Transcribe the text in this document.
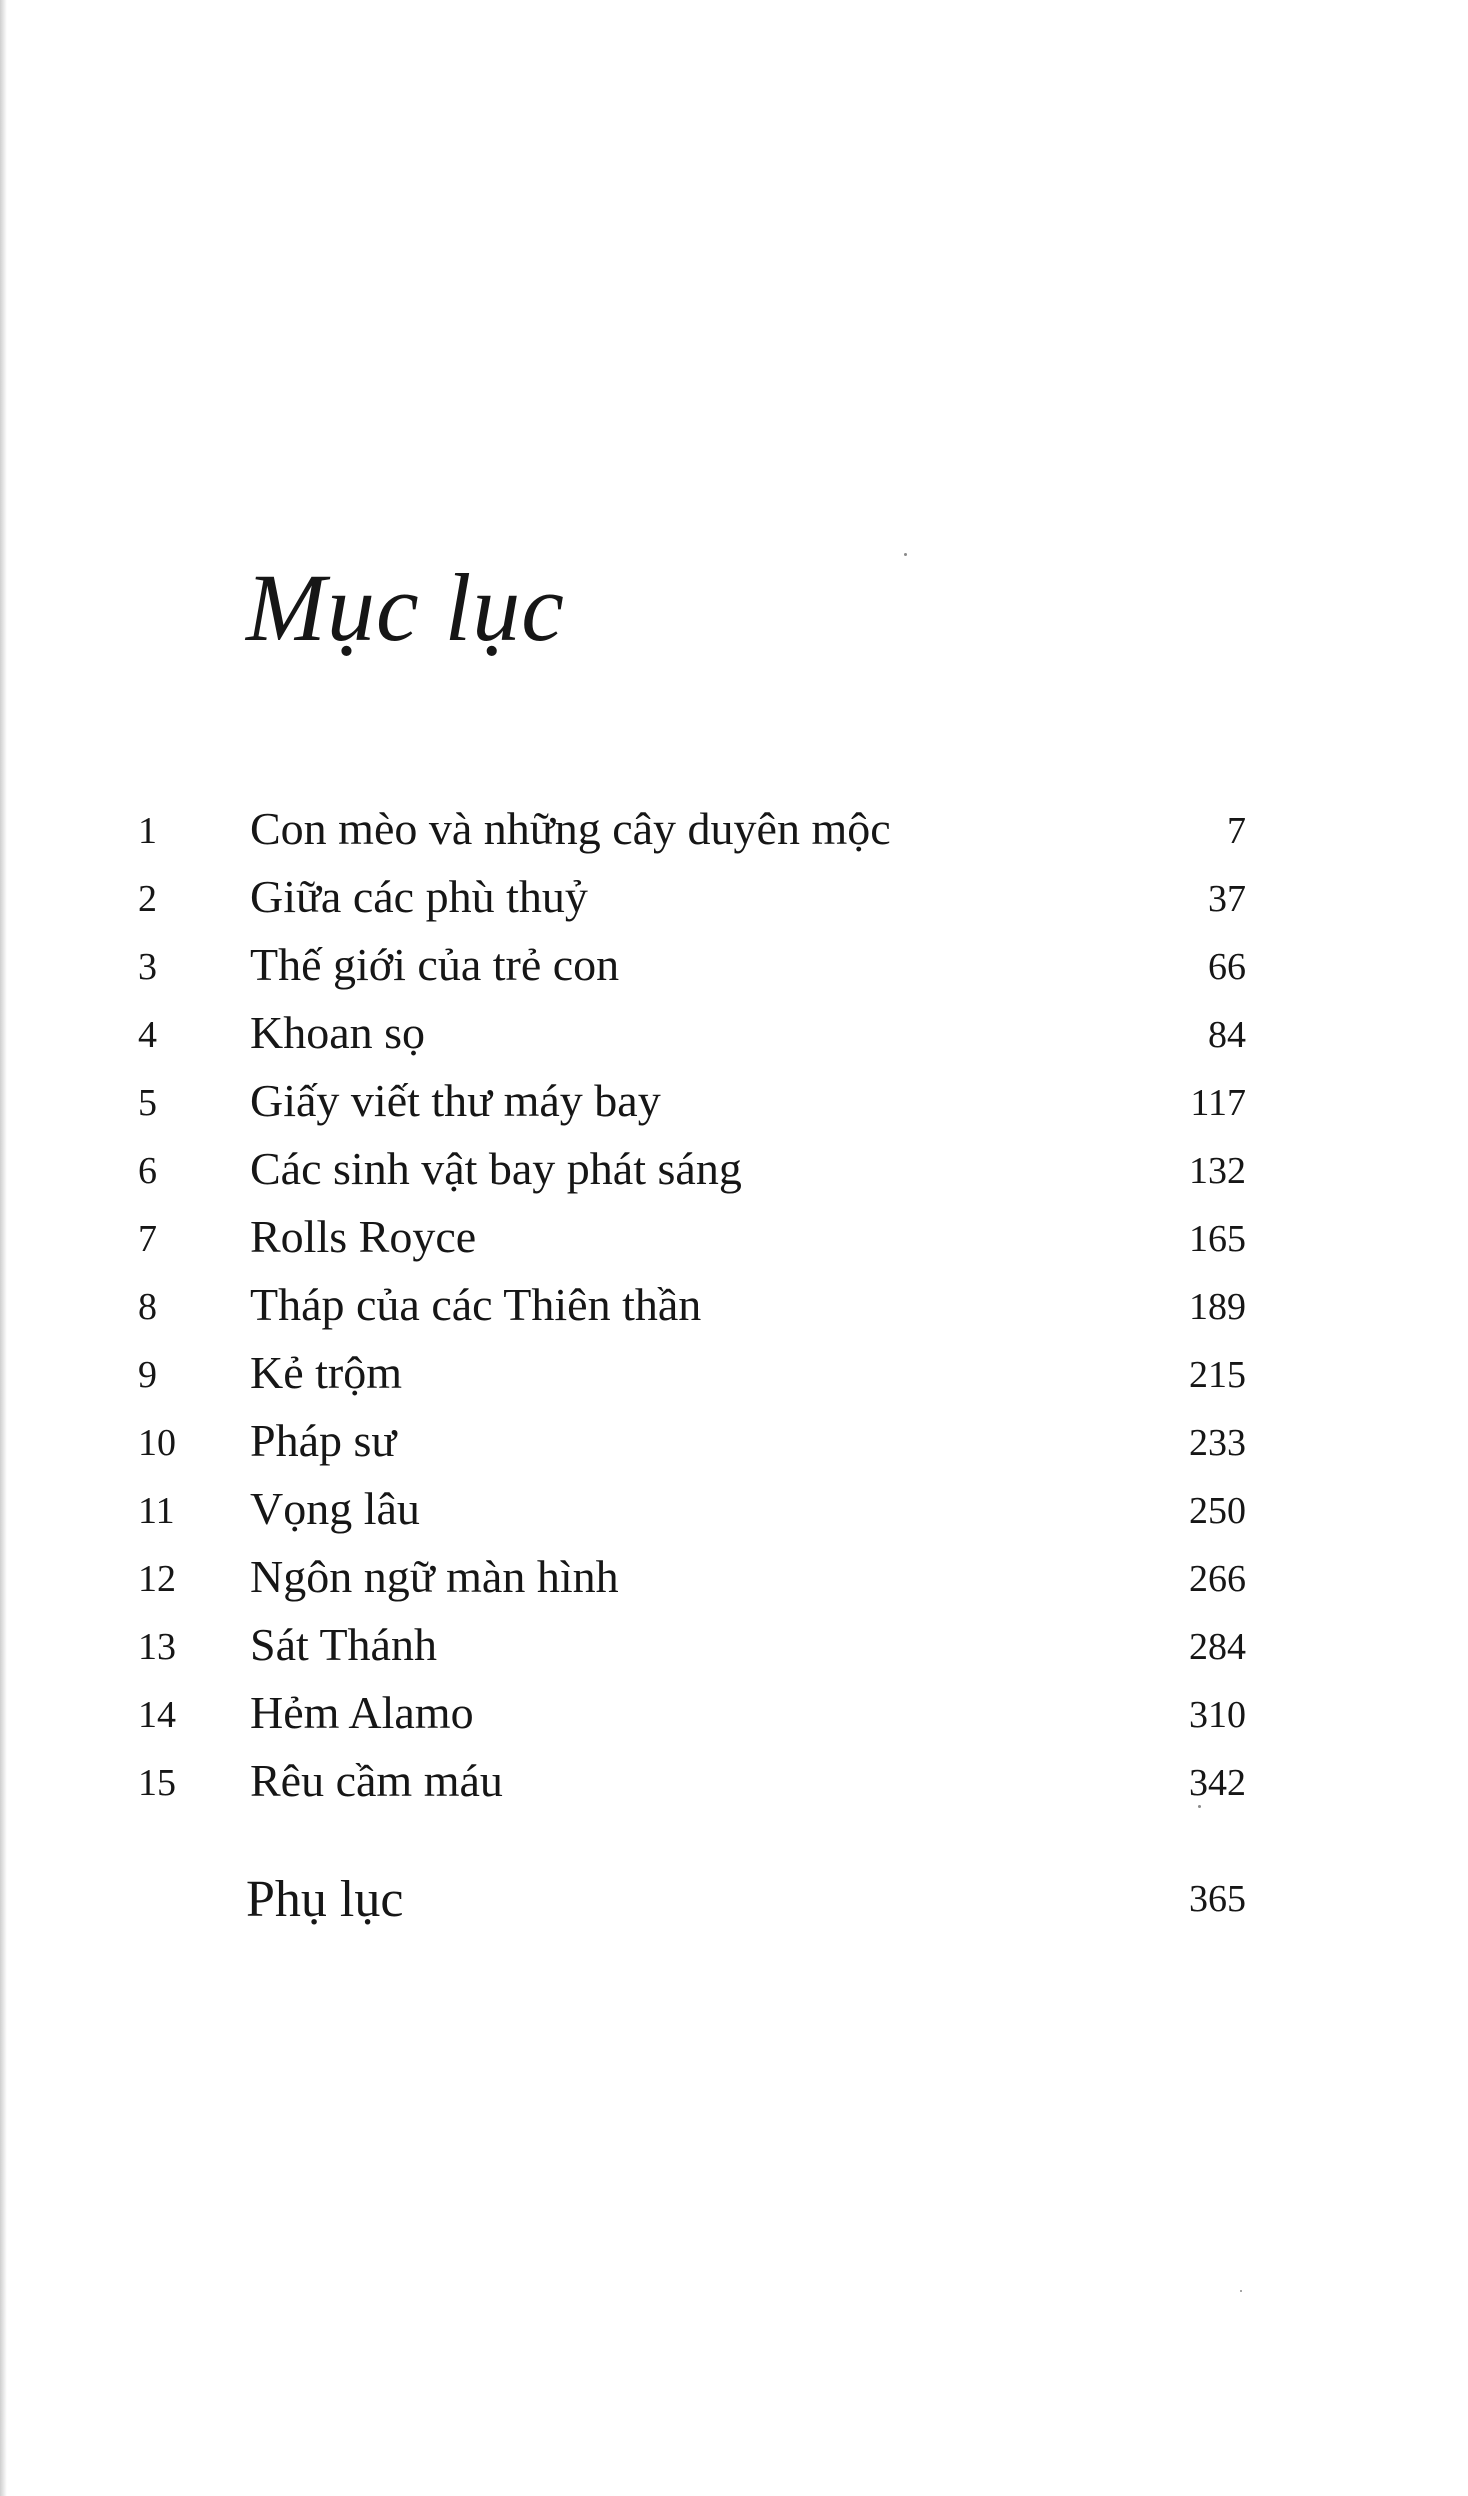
Mục lục
1 Con mèo và những cây duyên mộc	7
2 Giữa các phù thuỷ	37
3 Thế giới của trẻ con	66
4 Khoan sọ	84
5 Giấy viết thư máy bay	117
6 Các sinh vật bay phát sáng	132
7 Rolls Royce	165
8 Tháp của các Thiên thần	189
9 Kẻ trộm	215
10 Pháp sư	233
11 Vọng lâu	250
12 Ngôn ngữ màn hình	266
13 Sát Thánh	284
14 Hẻm Alamo	310
15 Rêu cầm máu	342
Phụ lục	365
